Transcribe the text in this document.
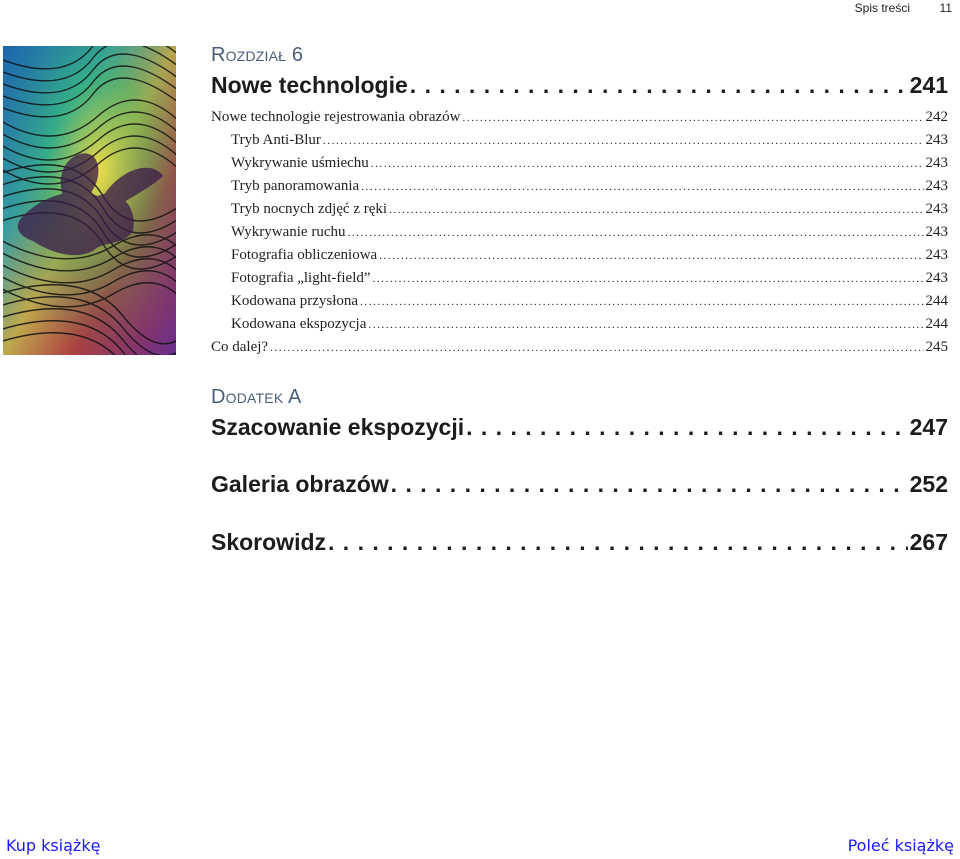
Spis treści 11
Rozdział 6
Nowe technologie . . .	241
Nowe technologie rejestrowania obrazów .....	242
Tryb Anti-Blur .....	243
Wykrywanie uśmiechu .....	243
Tryb panoramowania .....	243
Tryb nocnych zdjęć z ręki .....	243
Wykrywanie ruchu .....	243
Fotografia obliczeniowa .....	243
Fotografia „light-field” .....	243
Kodowana przysłona .....	244
Kodowana ekspozycja .....	244
Co dalej? .....	245
Dodatek A
Szacowanie ekspozycji . . .	247
Galeria obrazów . . .	252
Skorowidz . . .	267
Kup książkę	Poleć książkę
